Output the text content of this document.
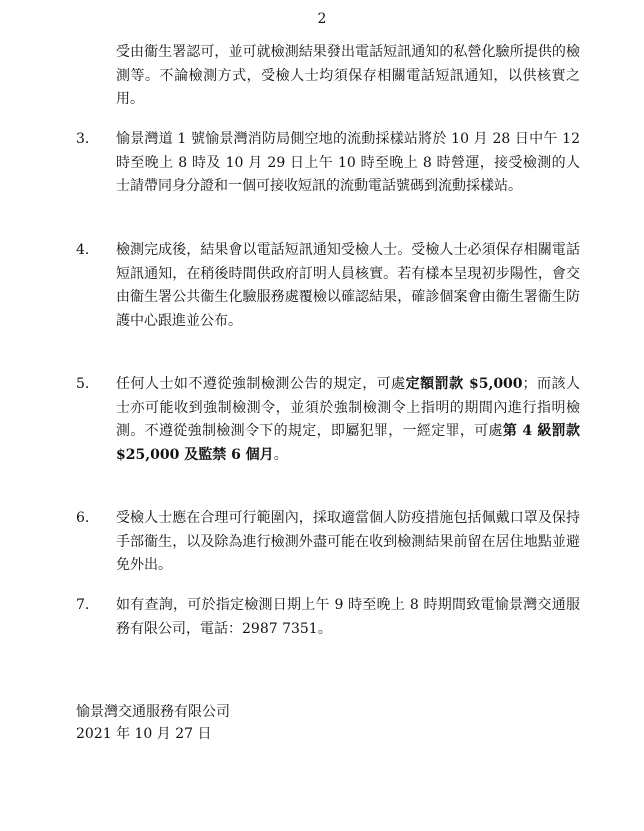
2
受由衞生署認可，並可就檢測結果發出電話短訊通知的私營化驗所提供的檢測等。不論檢測方式，受檢人士均須保存相關電話短訊通知，以供核實之用。
3.	愉景灣道 1 號愉景灣消防局側空地的流動採樣站將於 10 月 28 日中午 12 時至晚上 8 時及 10 月 29 日上午 10 時至晚上 8 時營運，接受檢測的人士請帶同身分證和一個可接收短訊的流動電話號碼到流動採樣站。
4.	檢測完成後，結果會以電話短訊通知受檢人士。受檢人士必須保存相關電話短訊通知，在稍後時間供政府訂明人員核實。若有樣本呈現初步陽性，會交由衞生署公共衞生化驗服務處覆檢以確認結果，確診個案會由衞生署衞生防護中心跟進並公布。
5.	任何人士如不遵從強制檢測公告的規定，可處定額罰款 $5,000；而該人士亦可能收到強制檢測令，並須於強制檢測令上指明的期間內進行指明檢測。不遵從強制檢測令下的規定，即屬犯罪，一經定罪，可處第 4 級罰款$25,000 及監禁 6 個月。
6.	受檢人士應在合理可行範圍內，採取適當個人防疫措施包括佩戴口罩及保持手部衞生，以及除為進行檢測外盡可能在收到檢測結果前留在居住地點並避免外出。
7.	如有查詢，可於指定檢測日期上午 9 時至晚上 8 時期間致電愉景灣交通服務有限公司，電話：2987 7351。
愉景灣交通服務有限公司
2021 年 10 月 27 日
